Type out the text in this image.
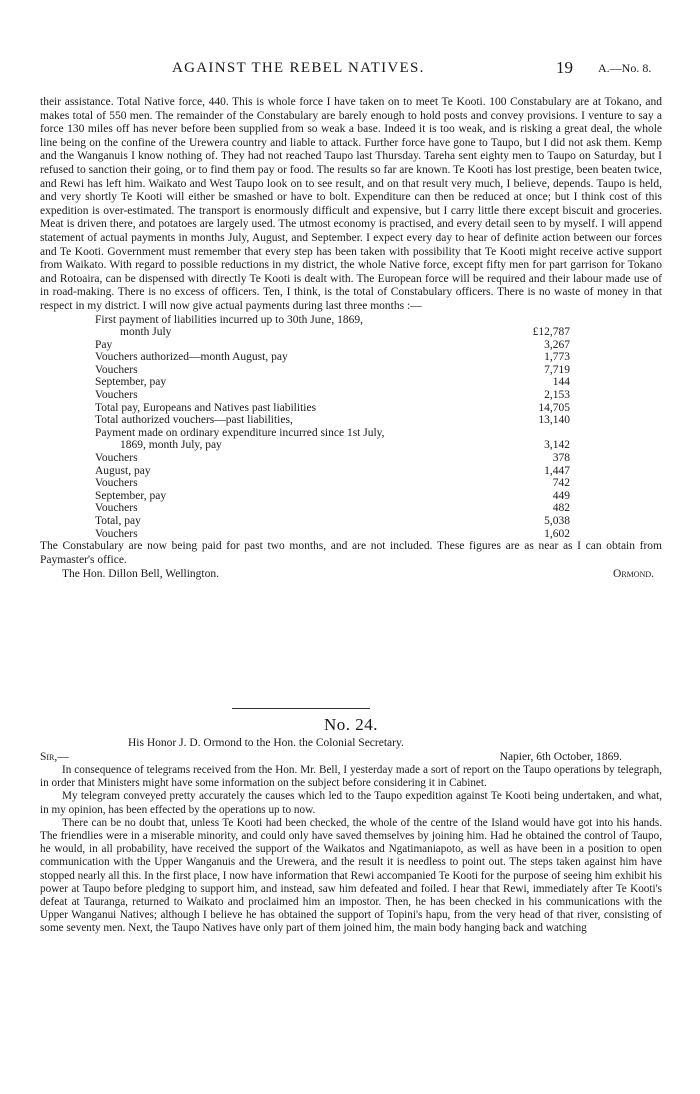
AGAINST THE REBEL NATIVES.	19 A.—No. 8.

their assistance. Total Native force, 440. This is whole force I have taken on to meet Te Kooti. 100 Constabulary are at Tokano, and makes total of 550 men. The remainder of the Constabulary are barely enough to hold posts and convey provisions. I venture to say a force 130 miles off has never before been supplied from so weak a base. Indeed it is too weak, and is risking a great deal, the whole line being on the confine of the Urewera country and liable to attack. Further force have gone to Taupo, but I did not ask them. Kemp and the Wanganuis I know nothing of. They had not reached Taupo last Thursday. Tareha sent eighty men to Taupo on Saturday, but I refused to sanction their going, or to find them pay or food. The results so far are known. Te Kooti has lost prestige, been beaten twice, and Rewi has left him. Waikato and West Taupo look on to see result, and on that result very much, I believe, depends. Taupo is held, and very shortly Te Kooti will either be smashed or have to bolt. Expenditure can then be reduced at once; but I think cost of this expedition is over-estimated. The transport is enormously difficult and expensive, but I carry little there except biscuit and groceries. Meat is driven there, and potatoes are largely used. The utmost economy is practised, and every detail seen to by myself. I will append statement of actual payments in months July, August, and September. I expect every day to hear of definite action between our forces and Te Kooti. Government must remember that every step has been taken with possibility that Te Kooti might receive active support from Waikato. With regard to possible reductions in my district, the whole Native force, except fifty men for part garrison for Tokano and Rotoaira, can be dispensed with directly Te Kooti is dealt with. The European force will be required and their labour made use of in road-making. There is no excess of officers. Ten, I think, is the total of Constabulary officers. There is no waste of money in that respect in my district. I will now give actual payments during last three months :—

First payment of liabilities incurred up to 30th June, 1869,
month July	£12,787
Pay	3,267
Vouchers authorized—month August, pay	1,773
Vouchers	7,719
September, pay	144
Vouchers	2,153
Total pay, Europeans and Natives past liabilities	14,705
Total authorized vouchers—past liabilities,	13,140
Payment made on ordinary expenditure incurred since 1st July,
1869, month July, pay	3,142
Vouchers	378
August, pay	1,447
Vouchers	742
September, pay	449
Vouchers	482
Total, pay	5,038
Vouchers	1,602

The Constabulary are now being paid for past two months, and are not included. These figures are as near as I can obtain from Paymaster's office.

The Hon. Dillon Bell, Wellington.	Ormond.
No. 24.
His Honor J. D. Ormond to the Hon. the Colonial Secretary.
Sir,—	Napier, 6th October, 1869.

In consequence of telegrams received from the Hon. Mr. Bell, I yesterday made a sort of report on the Taupo operations by telegraph, in order that Ministers might have some information on the subject before considering it in Cabinet.

My telegram conveyed pretty accurately the causes which led to the Taupo expedition against Te Kooti being undertaken, and what, in my opinion, has been effected by the operations up to now.

There can be no doubt that, unless Te Kooti had been checked, the whole of the centre of the Island would have got into his hands. The friendlies were in a miserable minority, and could only have saved themselves by joining him. Had he obtained the control of Taupo, he would, in all probability, have received the support of the Waikatos and Ngatimaniapoto, as well as have been in a position to open communication with the Upper Wanganuis and the Urewera, and the result it is needless to point out. The steps taken against him have stopped nearly all this. In the first place, I now have information that Rewi accompanied Te Kooti for the purpose of seeing him exhibit his power at Taupo before pledging to support him, and instead, saw him defeated and foiled. I hear that Rewi, immediately after Te Kooti's defeat at Tauranga, returned to Waikato and proclaimed him an impostor. Then, he has been checked in his communications with the Upper Wanganui Natives; although I believe he has obtained the support of Topini's hapu, from the very head of that river, consisting of some seventy men. Next, the Taupo Natives have only part of them joined him, the main body hanging back and watching
